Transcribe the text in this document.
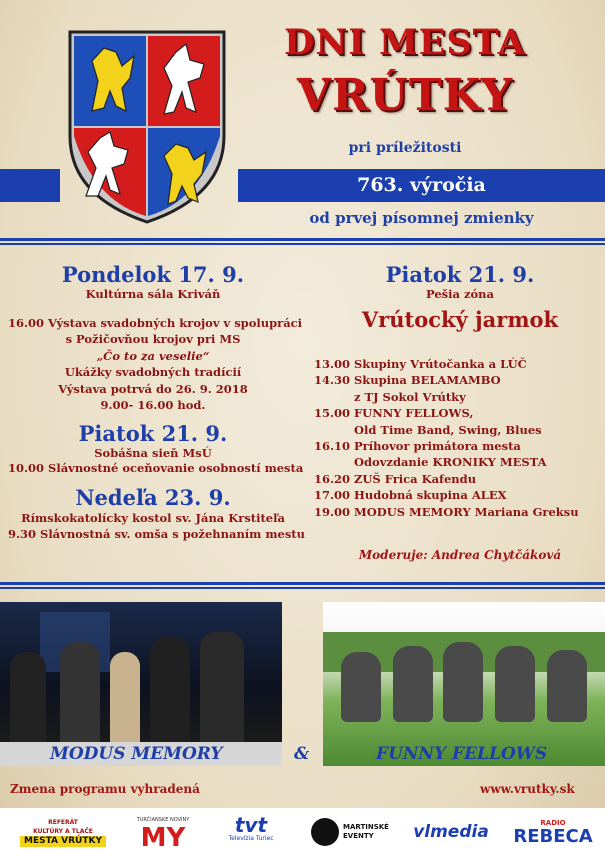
DNI MESTA
VRÚTKY
pri príležitosti
763. výročia
od prvej písomnej zmienky
Pondelok 17. 9.
Kultúrna sála Kriváň
16.00 Výstava svadobných krojov v spolupráci
s Požičovňou krojov pri MS
„Čo to za veselie“
Ukážky svadobných tradícií
Výstava potrvá do 26. 9. 2018
9.00- 16.00 hod.
Piatok 21. 9.
Sobášna sieň MsÚ
10.00 Slávnostné oceňovanie osobností mesta
Nedeľa 23. 9.
Rímskokatolícky kostol sv. Jána Krstiteľa
9.30 Slávnostná sv. omša s požehnaním mestu
Piatok 21. 9.
Pešia zóna
Vrútocký jarmok
13.00 Skupiny Vrútočanka a LÚČ
14.30 Skupina BELAMAMBO
z TJ Sokol Vrútky
15.00 FUNNY FELLOWS,
Old Time Band, Swing, Blues
16.10 Príhovor primátora mesta
Odovzdanie KRONIKY MESTA
16.20 ZUŠ Frica Kafendu
17.00 Hudobná skupina ALEX
19.00 MODUS MEMORY Mariana Greksu
Moderuje: Andrea Chytčáková
MODUS MEMORY	&	FUNNY FELLOWS
Zmena programu vyhradená	www.vrutky.sk
REFERÁT
KULTÚRY A TLAČE
MESTA VRÚTKY
TURČIANSKE NOVINY
MY tvt
Televízia Turiec
MARTINSKÉ
EVENTY	vlmedia	RADIO
REBECA
